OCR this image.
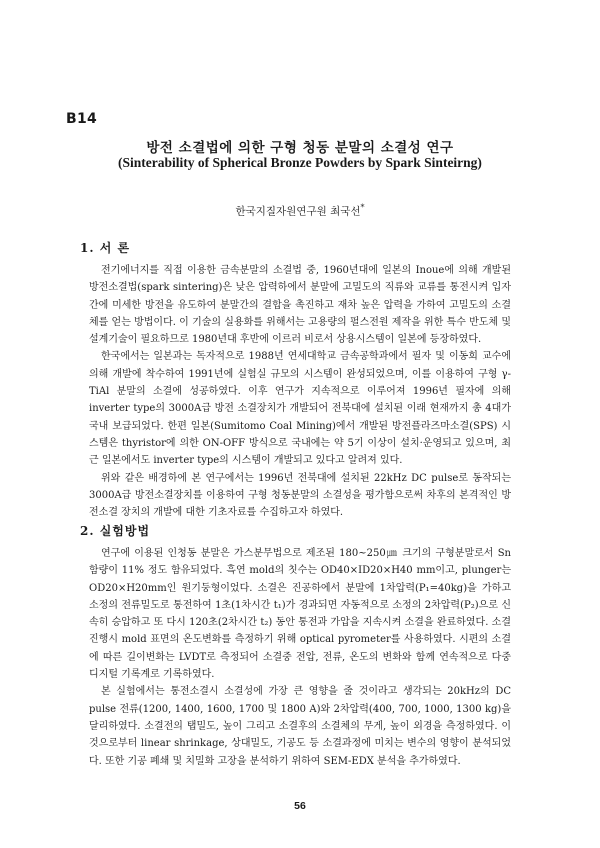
B14
방전 소결법에 의한 구형 청동 분말의 소결성 연구
(Sinterability of Spherical Bronze Powders by Spark Sinteirng)
한국지질자원연구원 최국선*
1. 서 론

전기에너지를 직접 이용한 금속분말의 소결법 중, 1960년대에 일본의 Inoue에 의해 개발된 방전소결법(spark sintering)은 낮은 압력하에서 분말에 고밀도의 직류와 교류를 통전시켜 입자간에 미세한 방전을 유도하여 분말간의 결합을 촉진하고 재차 높은 압력을 가하여 고밀도의 소결체를 얻는 방법이다. 이 기술의 실용화를 위해서는 고용량의 펄스전원 제작을 위한 특수 반도체 및 설계기술이 필요하므로 1980년대 후반에 이르러 비로서 상용시스템이 일본에 등장하였다.

한국에서는 일본과는 독자적으로 1988년 연세대학교 금속공학과에서 필자 및 이동희 교수에 의해 개발에 착수하여 1991년에 실험실 규모의 시스템이 완성되었으며, 이를 이용하여 구형 γ-TiAl 분말의 소결에 성공하였다. 이후 연구가 지속적으로 이루어져 1996년 필자에 의해 inverter type의 3000A급 방전 소결장치가 개발되어 전북대에 설치된 이래 현재까지 총 4대가 국내 보급되었다. 한편 일본(Sumitomo Coal Mining)에서 개발된 방전플라즈마소결(SPS) 시스템은 thyristor에 의한 ON-OFF 방식으로 국내에는 약 5기 이상이 설치·운영되고 있으며, 최근 일본에서도 inverter type의 시스템이 개발되고 있다고 알려져 있다.

위와 같은 배경하에 본 연구에서는 1996년 전북대에 설치된 22kHz DC pulse로 동작되는 3000A급 방전소결장치를 이용하여 구형 청동분말의 소결성을 평가함으로써 차후의 본격적인 방전소결 장치의 개발에 대한 기초자료를 수집하고자 하였다.

2. 실험방법

연구에 이용된 인청동 분말은 가스분무법으로 제조된 180~250㎛ 크기의 구형분말로서 Sn 함량이 11% 정도 함유되었다. 흑연 mold의 칫수는 OD40×ID20×H40 mm이고, plunger는 OD20×H20mm인 원기둥형이었다. 소결은 진공하에서 분말에 1차압력(P₁=40kg)을 가하고 소정의 전류밀도로 통전하여 1초(1차시간 t₁)가 경과되면 자동적으로 소정의 2차압력(P₂)으로 신속히 승압하고 또 다시 120초(2차시간 t₂) 동안 통전과 가압을 지속시켜 소결을 완료하였다. 소결진행시 mold 표면의 온도변화를 측정하기 위해 optical pyrometer를 사용하였다. 시편의 소결에 따른 길이변화는 LVDT로 측정되어 소결중 전압, 전류, 온도의 변화와 함께 연속적으로 다중 디지털 기록계로 기록하였다.

본 실험에서는 통전소결시 소결성에 가장 큰 영향을 줄 것이라고 생각되는 20kHz의 DC pulse 전류(1200, 1400, 1600, 1700 및 1800 A)와 2차압력(400, 700, 1000, 1300 kg)을 달리하였다. 소결전의 탭밀도, 높이 그리고 소결후의 소결체의 무게, 높이 외경을 측정하였다. 이것으로부터 linear shrinkage, 상대밀도, 기공도 등 소결과정에 미치는 변수의 영향이 분석되었다. 또한 기공 폐쇄 및 치밀화 고장을 분석하기 위하여 SEM-EDX 분석을 추가하였다.

56
